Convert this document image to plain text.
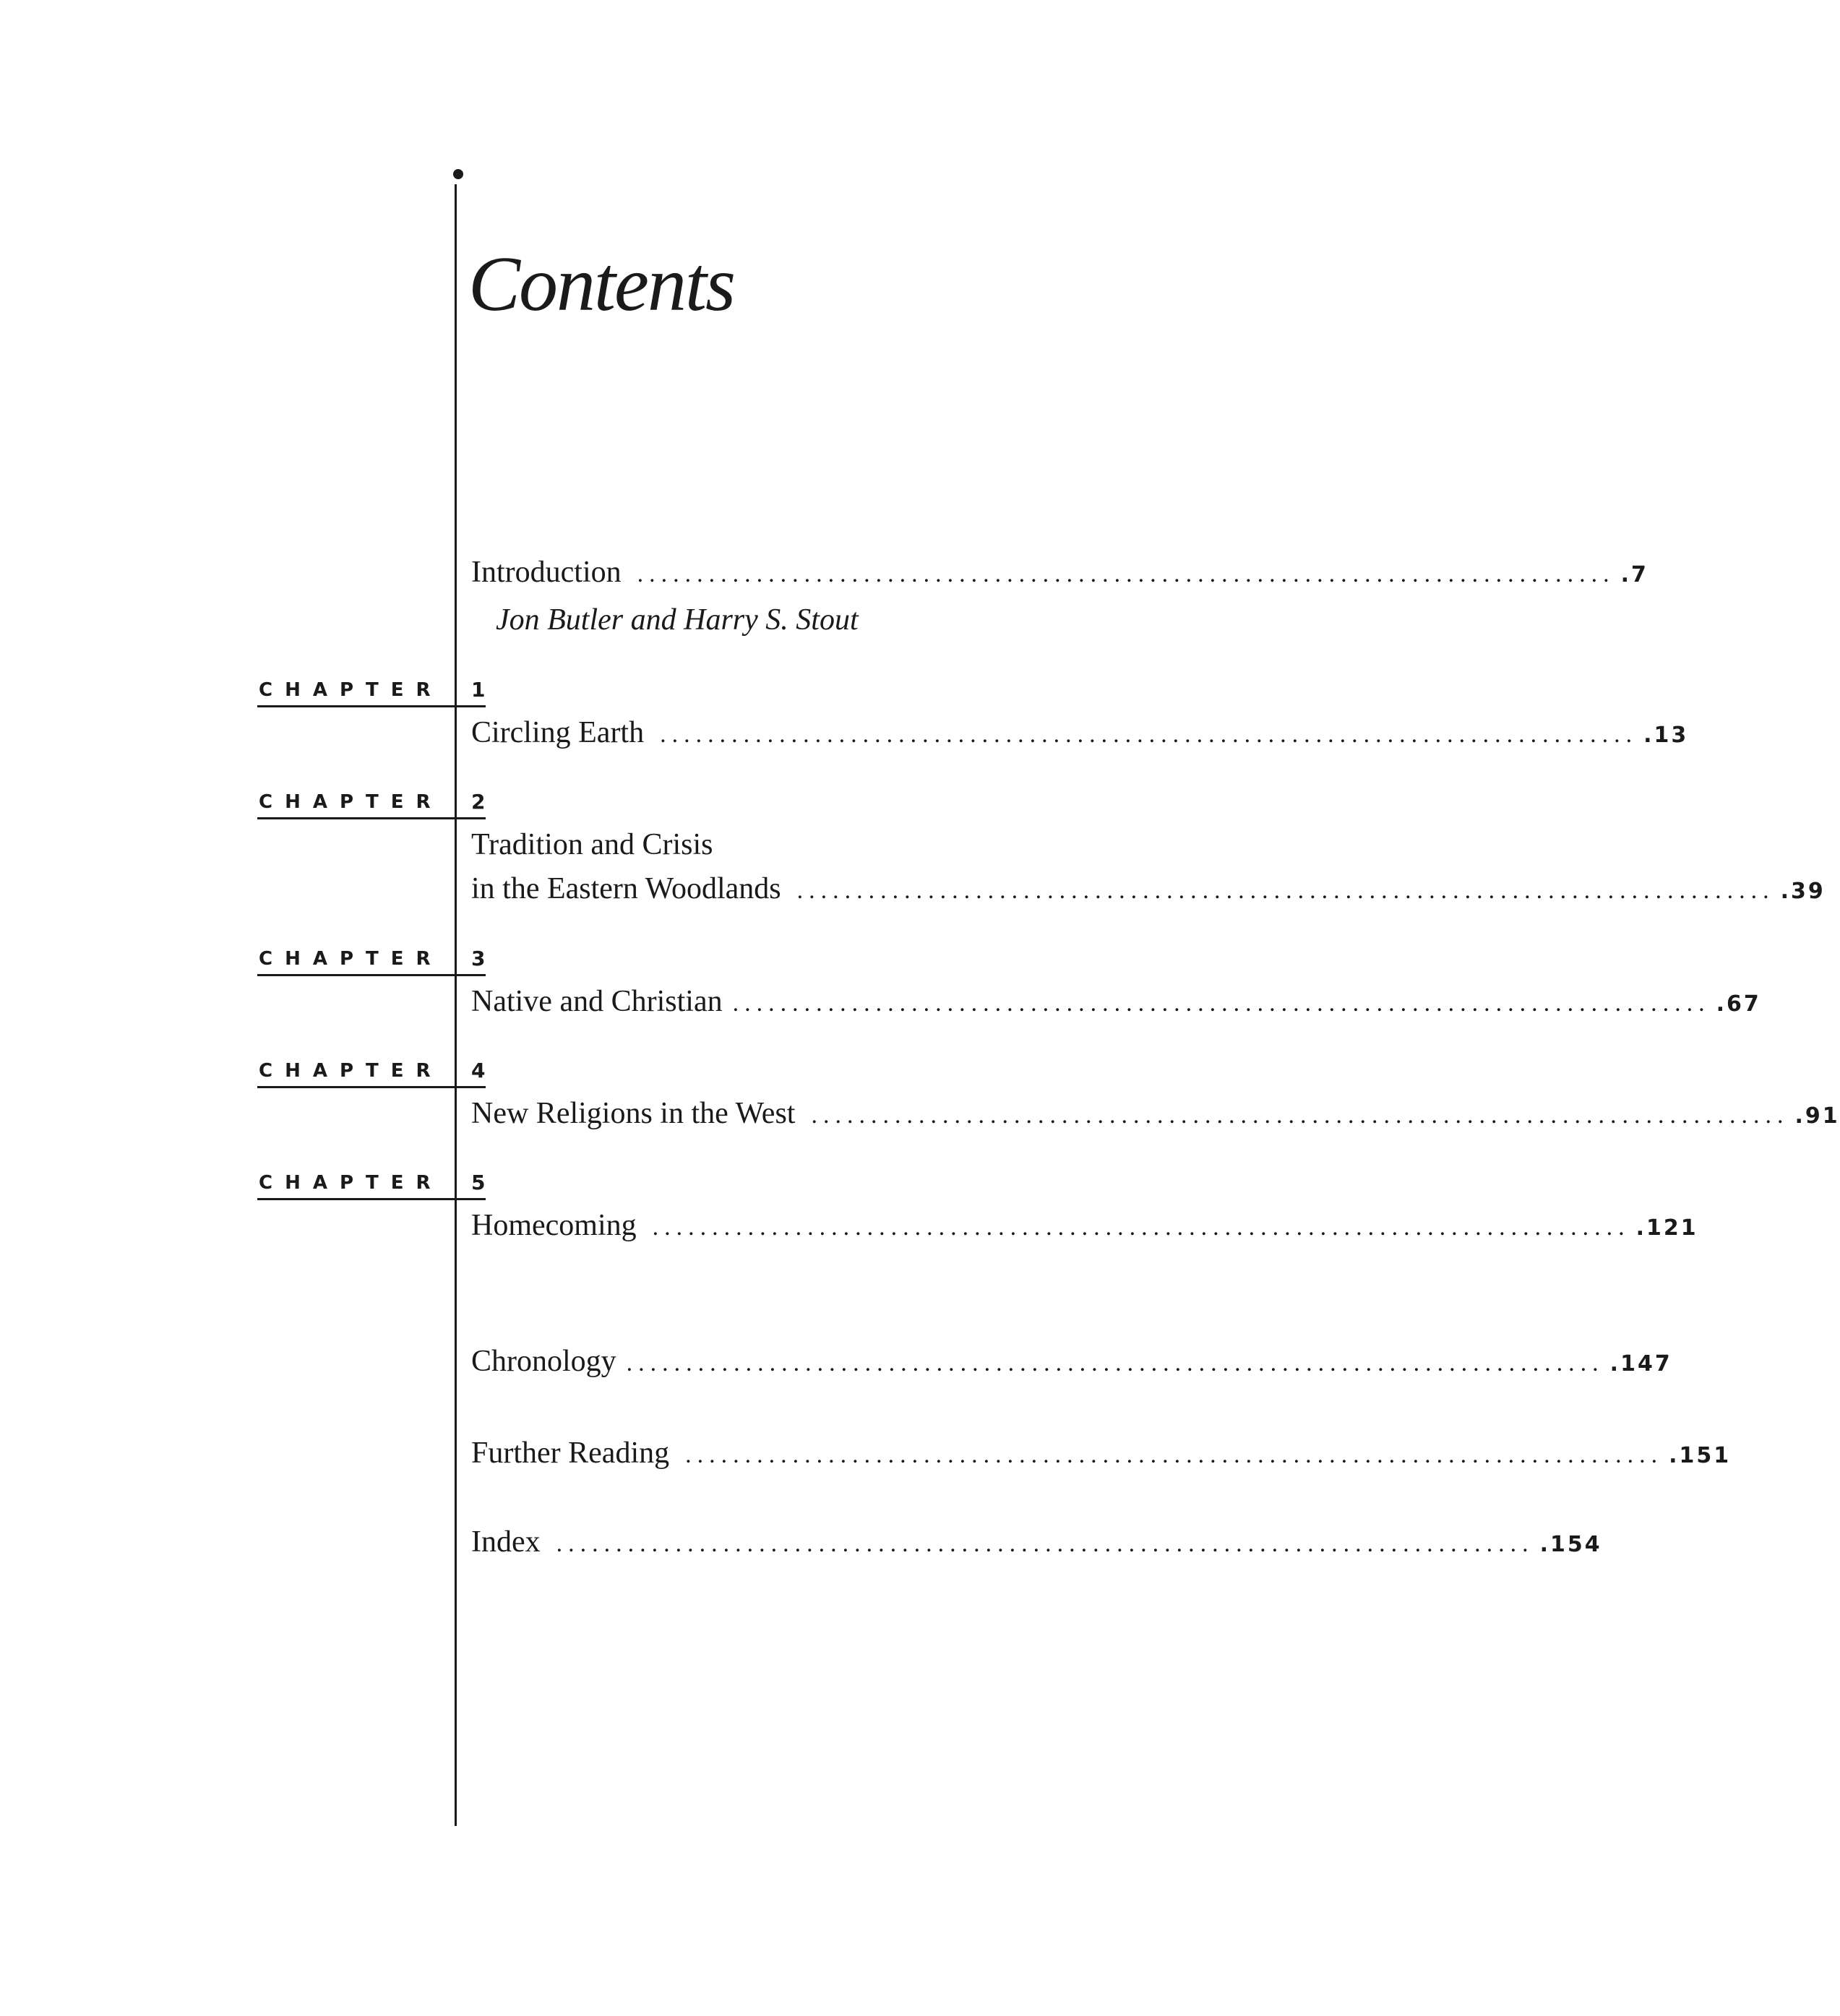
Contents
Introduction .................................................................................. .7
Jon Butler and Harry S. Stout
CHAPTER 1
Circling Earth .................................................................................. .13
CHAPTER 2
Tradition and Crisis
in the Eastern Woodlands .................................................................................. .39
CHAPTER 3
Native and Christian .................................................................................. .67
CHAPTER 4
New Religions in the West .................................................................................. .91
CHAPTER 5
Homecoming .................................................................................. .121
Chronology .................................................................................. .147
Further Reading .................................................................................. .151
Index .................................................................................. .154
